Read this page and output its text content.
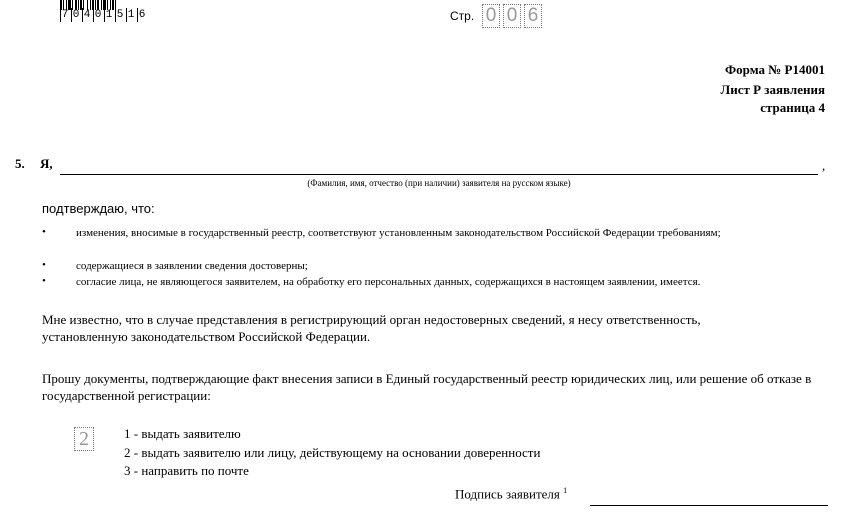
7 0 4 0 1 5 1 6	Стр. 0 0 6
Форма № Р14001
Лист Р заявления
страница 4
5. Я,	,
(Фамилия, имя, отчество (при наличии) заявителя на русском языке)
подтверждаю, что:
•	изменения, вносимые в государственный реестр, соответствуют установленным законодательством Российской Федерации требованиям;
•	содержащиеся в заявлении сведения достоверны;
•	согласие лица, не являющегося заявителем, на обработку его персональных данных, содержащихся в настоящем заявлении, имеется.
Мне известно, что в случае представления в регистрирующий орган недостоверных сведений, я несу ответственность, установленную законодательством Российской Федерации.
Прошу документы, подтверждающие факт внесения записи в Единый государственный реестр юридических лиц, или решение об отказе в государственной регистрации:
2	1 - выдать заявителю
2 - выдать заявителю или лицу, действующему на основании доверенности
3 - направить по почте
Подпись заявителя $^1$
